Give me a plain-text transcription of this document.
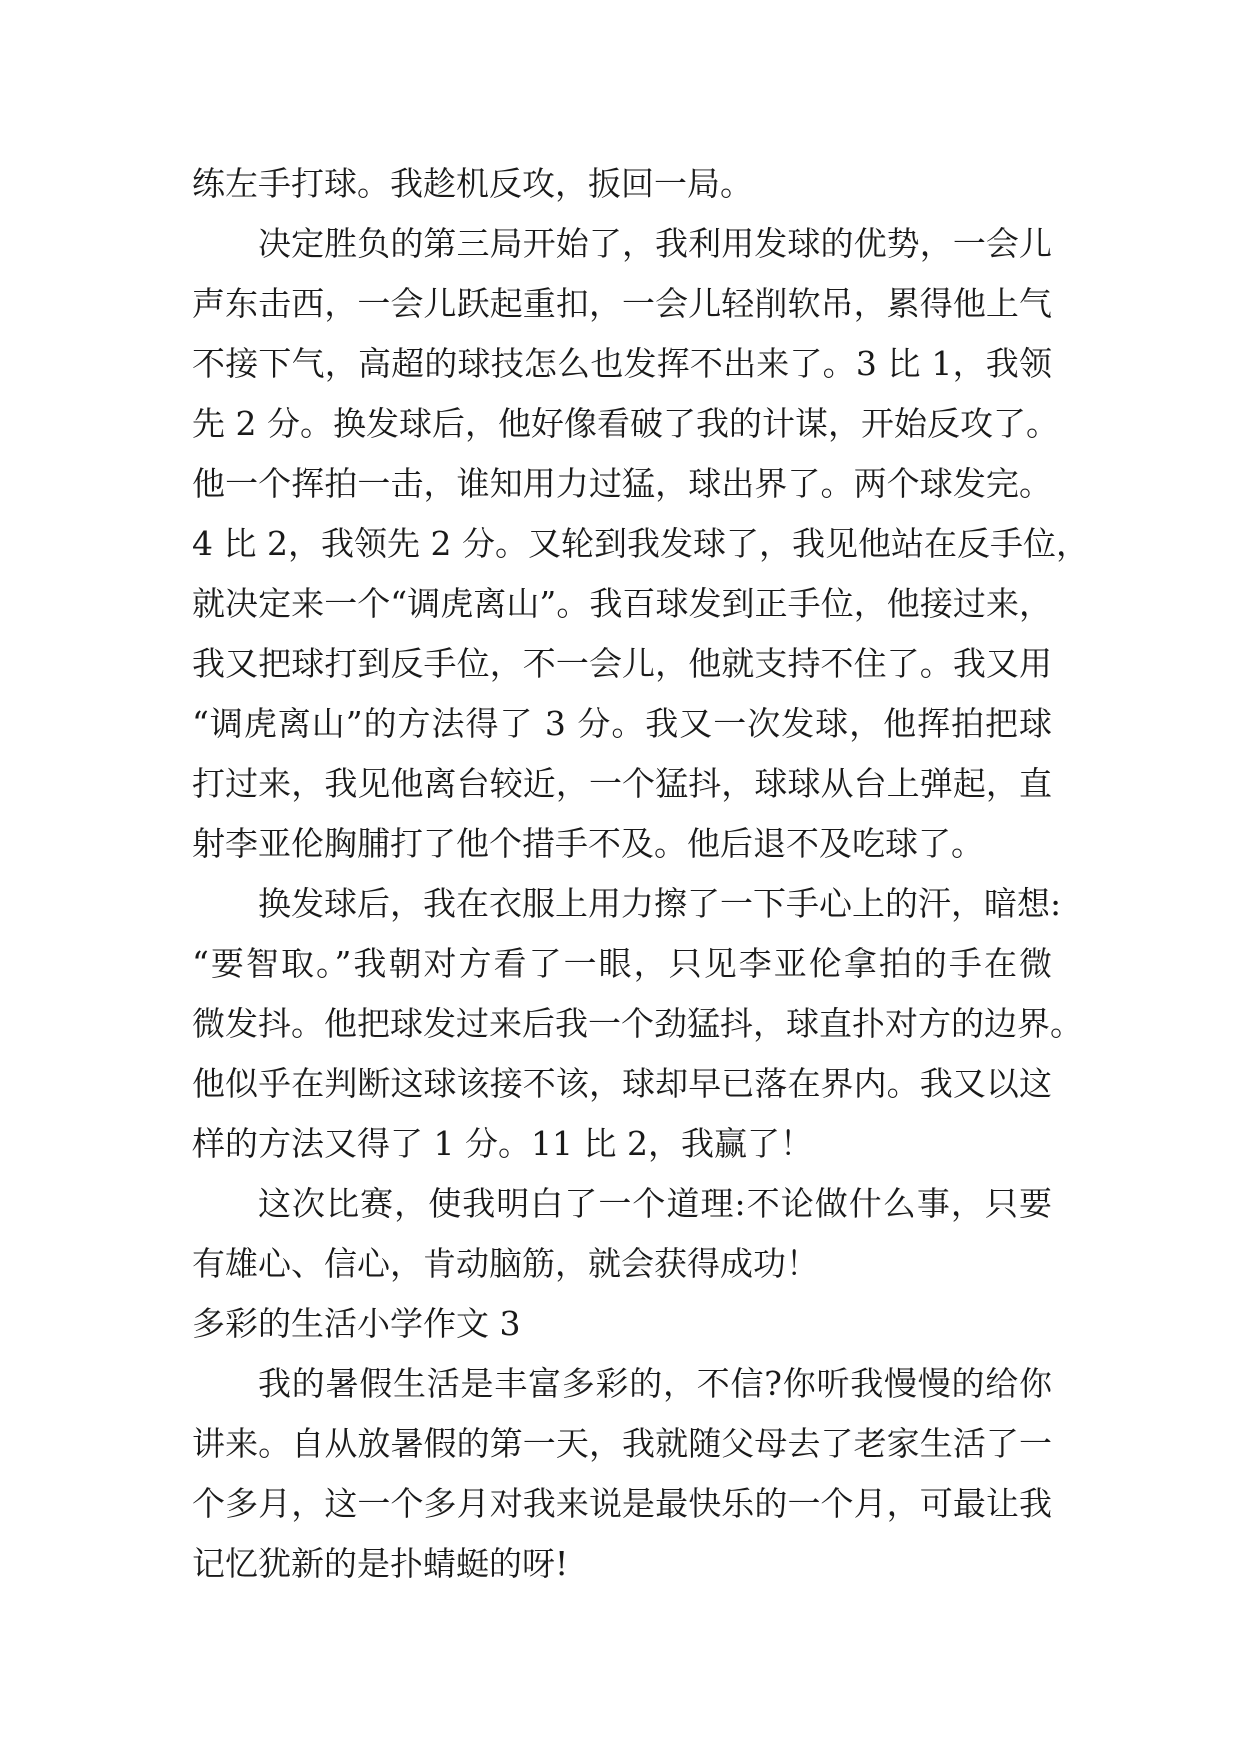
练左手打球。我趁机反攻，扳回一局。
决定胜负的第三局开始了，我利用发球的优势，一会儿
声东击西，一会儿跃起重扣，一会儿轻削软吊，累得他上气
不接下气，高超的球技怎么也发挥不出来了。3 比 1，我领
先 2 分。换发球后，他好像看破了我的计谋，开始反攻了。
他一个挥拍一击，谁知用力过猛，球出界了。两个球发完。
4 比 2，我领先 2 分。又轮到我发球了，我见他站在反手位，
就决定来一个“调虎离山”。我百球发到正手位，他接过来，
我又把球打到反手位，不一会儿，他就支持不住了。我又用
“调虎离山”的方法得了 3 分。我又一次发球，他挥拍把球
打过来，我见他离台较近，一个猛抖，球球从台上弹起，直
射李亚伦胸脯打了他个措手不及。他后退不及吃球了。
换发球后，我在衣服上用力擦了一下手心上的汗，暗想:
“要智取。”我朝对方看了一眼，只见李亚伦拿拍的手在微
微发抖。他把球发过来后我一个劲猛抖，球直扑对方的边界。
他似乎在判断这球该接不该，球却早已落在界内。我又以这
样的方法又得了 1 分。11 比 2，我赢了！
这次比赛，使我明白了一个道理:不论做什么事，只要
有雄心、信心，肯动脑筋，就会获得成功！
多彩的生活小学作文 3
我的暑假生活是丰富多彩的，不信?你听我慢慢的给你
讲来。自从放暑假的第一天，我就随父母去了老家生活了一
个多月，这一个多月对我来说是最快乐的一个月，可最让我
记忆犹新的是扑蜻蜓的呀!
